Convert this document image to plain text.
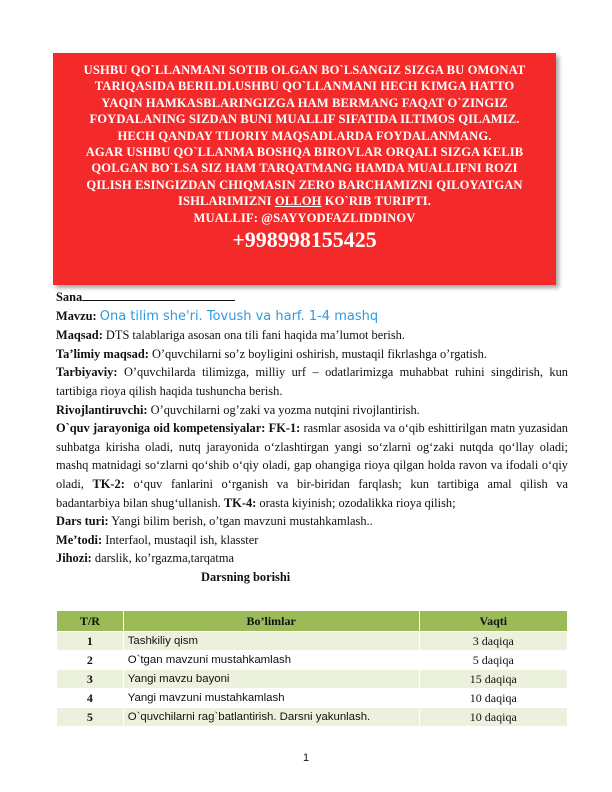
USHBU QO`LLANMANI SOTIB OLGAN BO`LSANGIZ SIZGA BU OMONAT
TARIQASIDA BERILDI.USHBU QO`LLANMANI HECH KIMGA HATTO
YAQIN HAMKASBLARINGIZGA HAM BERMANG FAQAT O`ZINGIZ
FOYDALANING SIZDAN BUNI MUALLIF SIFATIDA ILTIMOS QILAMIZ.
HECH QANDAY TIJORIY MAQSADLARDA FOYDALANMANG.
AGAR USHBU QO`LLANMA BOSHQA BIROVLAR ORQALI SIZGA KELIB
QOLGAN BO`LSA SIZ HAM TARQATMANG HAMDA MUALLIFNI ROZI
QILISH ESINGIZDAN CHIQMASIN ZERO BARCHAMIZNI QILOYATGAN
ISHLARIMIZNI OLLOH KO`RIB TURIPTI.
MUALLIF: @SAYYODFAZLIDDINOV
+998998155425

Sana

Mavzu: Ona tilim she'ri. Tovush va harf. 1-4 mashq

Maqsad: DTS talablariga asosan ona tili fani haqida ma’lumot berish.

Ta’limiy maqsad: O’quvchilarni so’z boyligini oshirish, mustaqil fikrlashga o’rgatish.

Tarbiyaviy: O’quvchilarda tilimizga, milliy urf – odatlarimizga muhabbat ruhini singdirish, kun tartibiga rioya qilish haqida tushuncha berish.

Rivojlantiruvchi: O’quvchilarni og’zaki va yozma nutqini rivojlantirish.

O`quv jarayoniga oid kompetensiyalar: FK-1: rasmlar asosida va o‘qib eshittirilgan matn yuzasidan suhbatga kirisha oladi, nutq jarayonida o‘zlashtirgan yangi so‘zlarni og‘zaki nutqda qo‘llay oladi; mashq matnidagi so‘zlarni qo‘shib o‘qiy oladi, gap ohangiga rioya qilgan holda ravon va ifodali o‘qiy oladi, TK-2: o‘quv fanlarini o‘rganish va bir-biridan farqlash; kun tartibiga amal qilish va badantarbiya bilan shug‘ullanish. TK-4: orasta kiyinish; ozodalikka rioya qilish;

Dars turi: Yangi bilim berish, o’tgan mavzuni mustahkamlash..

Me’todi: Interfaol, mustaqil ish, klasster

Jihozi: darslik, ko’rgazma,tarqatma

Darsning borishi

T/R	Bo’limlar	Vaqti
1	Tashkiliy qism	3 daqiqa
2	O`tgan mavzuni mustahkamlash	5 daqiqa
3	Yangi mavzu bayoni	15 daqiqa
4	Yangi mavzuni mustahkamlash	10 daqiqa
5	O`quvchilarni rag`batlantirish. Darsni yakunlash.	10 daqiqa
1
